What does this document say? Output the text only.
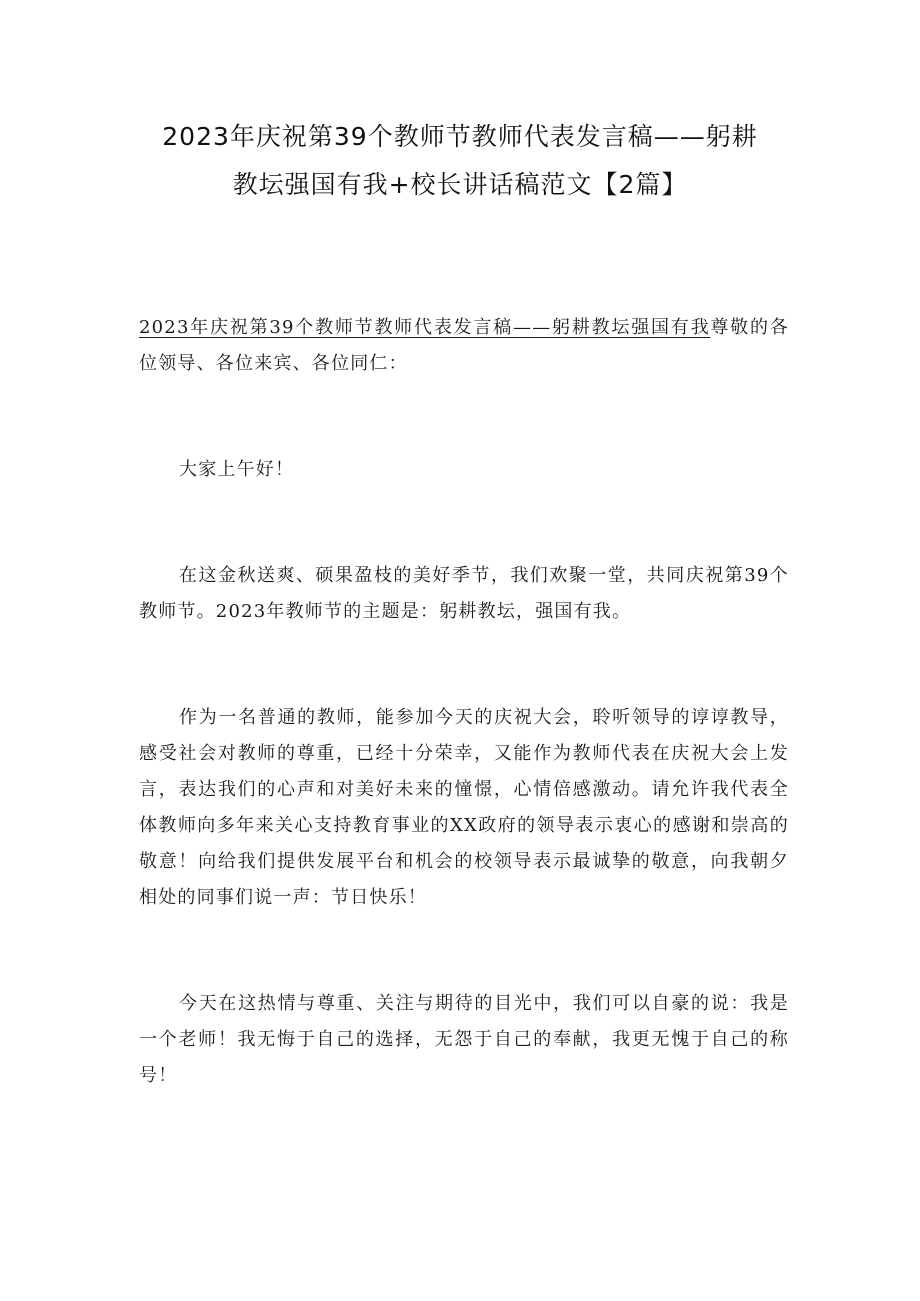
2023年庆祝第39个教师节教师代表发言稿——躬耕
教坛强国有我+校长讲话稿范文【2篇】

2023年庆祝第39个教师节教师代表发言稿——躬耕教坛强国有我尊敬的各位领导、各位来宾、各位同仁：

大家上午好！

在这金秋送爽、硕果盈枝的美好季节，我们欢聚一堂，共同庆祝第39个教师节。2023年教师节的主题是：躬耕教坛，强国有我。

作为一名普通的教师，能参加今天的庆祝大会，聆听领导的谆谆教导，感受社会对教师的尊重，已经十分荣幸，又能作为教师代表在庆祝大会上发言，表达我们的心声和对美好未来的憧憬，心情倍感激动。请允许我代表全体教师向多年来关心支持教育事业的XX政府的领导表示衷心的感谢和崇高的敬意！向给我们提供发展平台和机会的校领导表示最诚挚的敬意，向我朝夕相处的同事们说一声：节日快乐！

今天在这热情与尊重、关注与期待的目光中，我们可以自豪的说：我是一个老师！我无悔于自己的选择，无怨于自己的奉献，我更无愧于自己的称号！
